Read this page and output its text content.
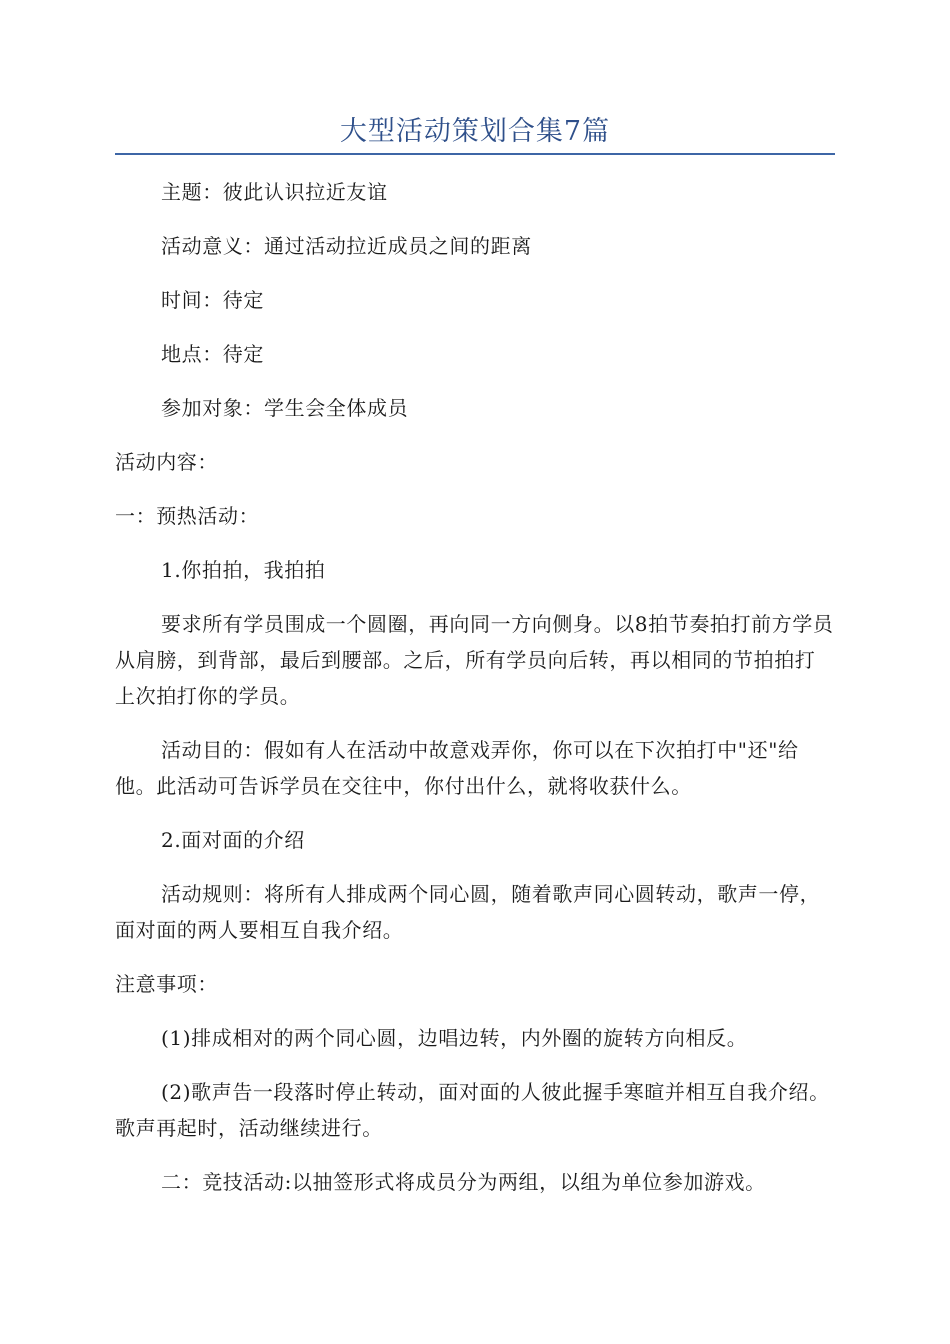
大型活动策划合集7篇

主题：彼此认识拉近友谊

活动意义：通过活动拉近成员之间的距离

时间：待定

地点：待定

参加对象：学生会全体成员

活动内容：

一：预热活动：

1.你拍拍，我拍拍

要求所有学员围成一个圆圈，再向同一方向侧身。以8拍节奏拍打前方学员从肩膀，到背部，最后到腰部。之后，所有学员向后转，再以相同的节拍拍打上次拍打你的学员。

活动目的：假如有人在活动中故意戏弄你，你可以在下次拍打中"还"给他。此活动可告诉学员在交往中，你付出什么，就将收获什么。

2.面对面的介绍

活动规则：将所有人排成两个同心圆，随着歌声同心圆转动，歌声一停，面对面的两人要相互自我介绍。

注意事项：

(1)排成相对的两个同心圆，边唱边转，内外圈的旋转方向相反。

(2)歌声告一段落时停止转动，面对面的人彼此握手寒暄并相互自我介绍。歌声再起时，活动继续进行。

二：竞技活动:以抽签形式将成员分为两组，以组为单位参加游戏。
